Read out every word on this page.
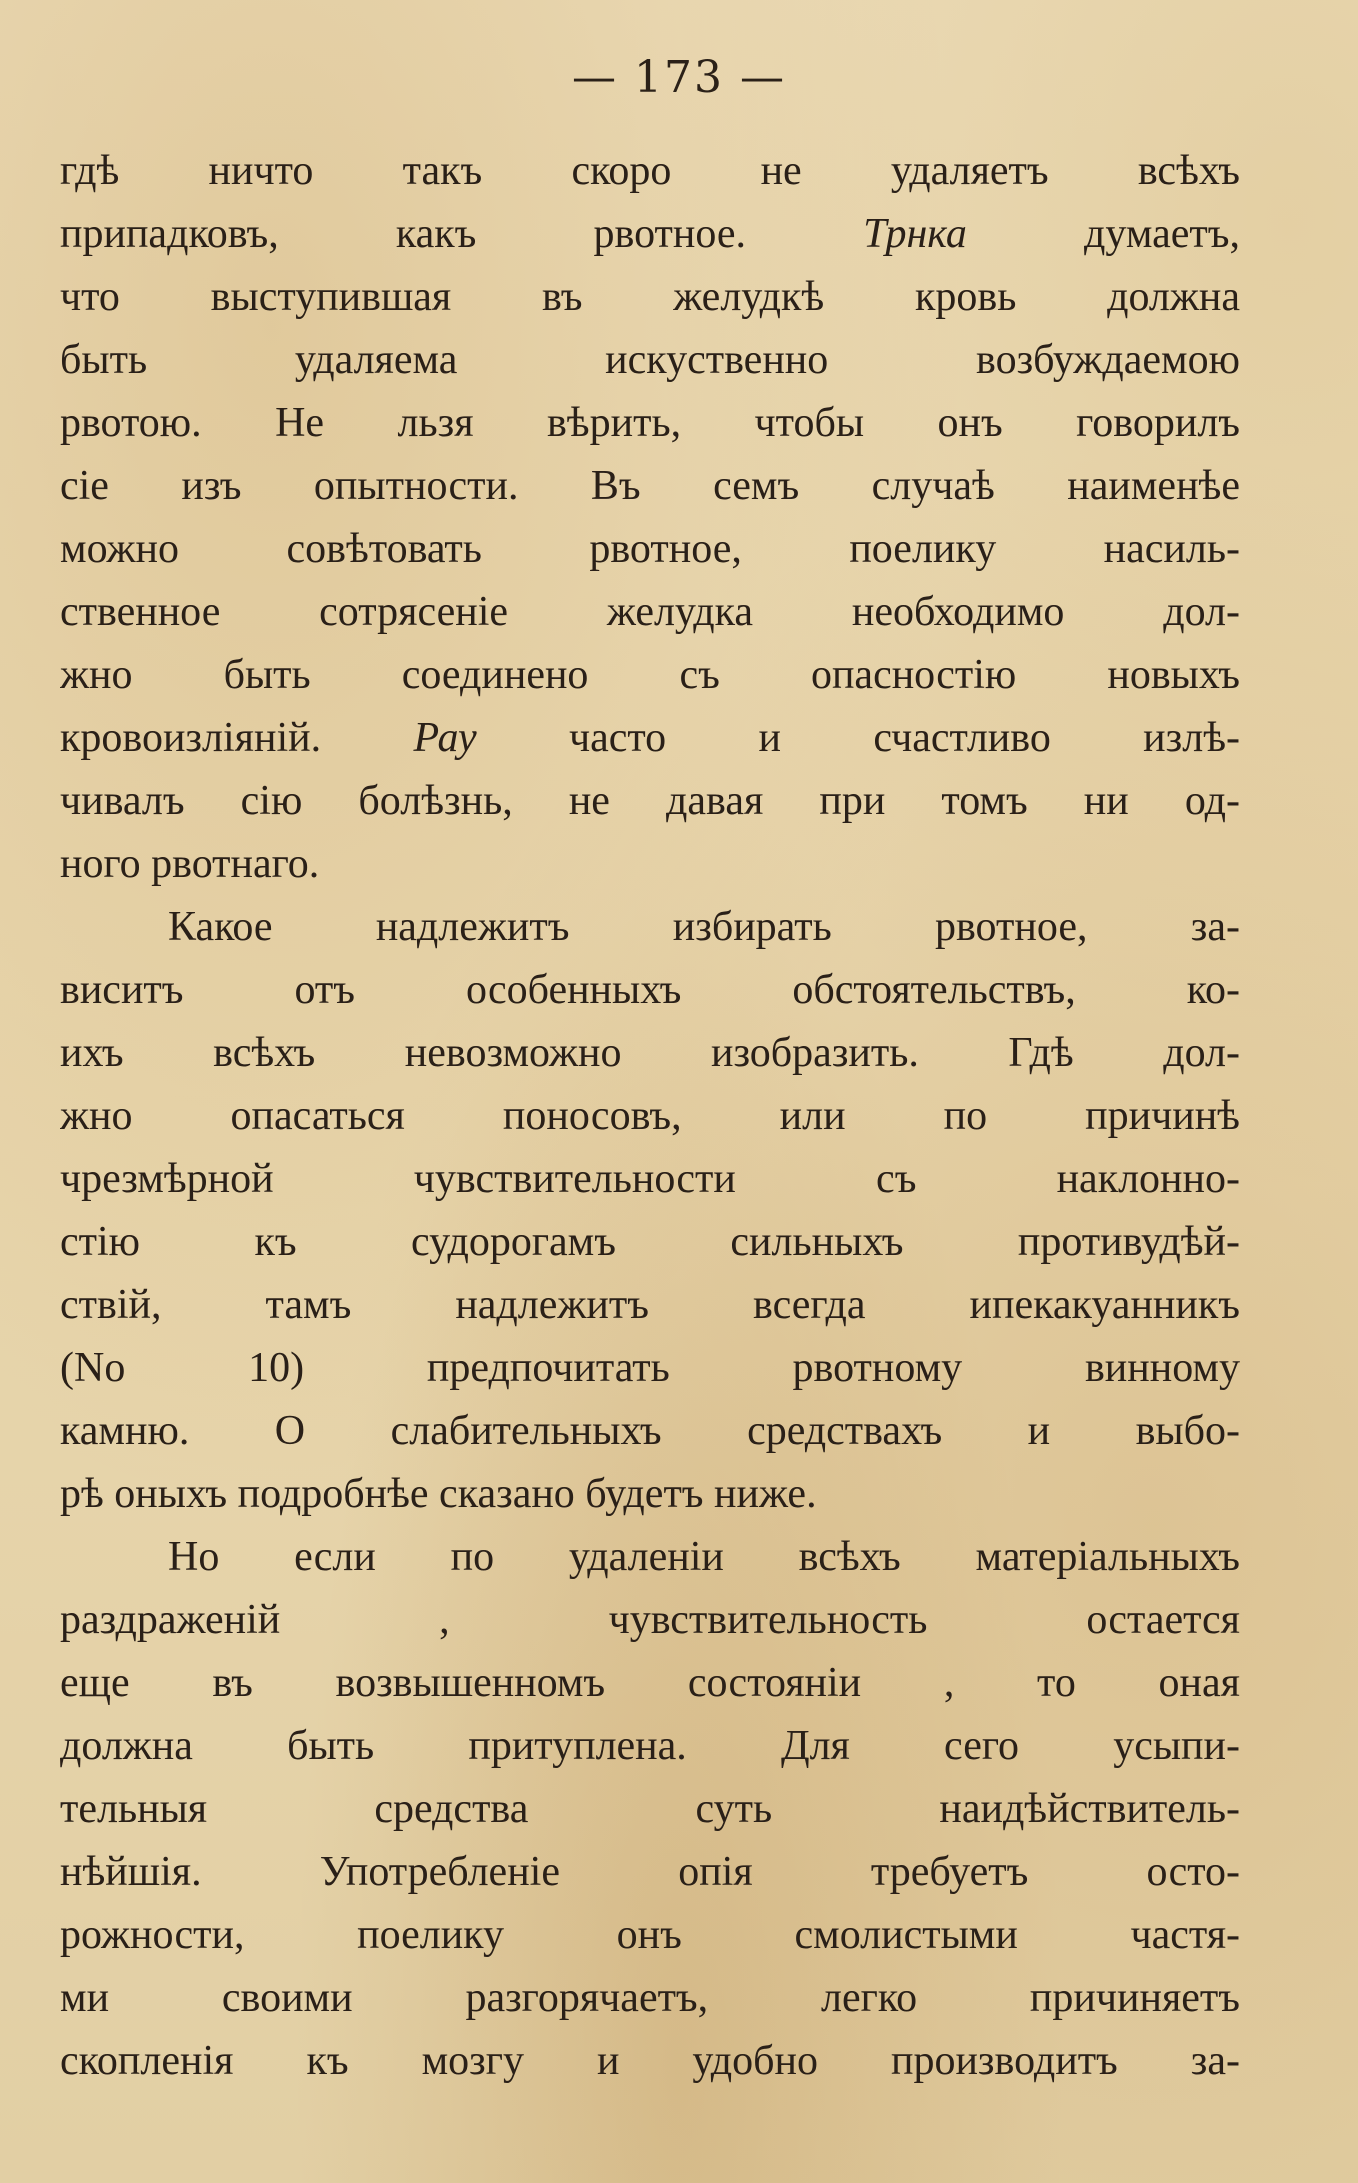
— 173 —
гдѣ ничто такъ скоро не удаляетъ всѣхъ
припадковъ, какъ рвотное. Трнка думаетъ,
что выступившая въ желудкѣ кровь должна
быть удаляема искуственно возбуждаемою
рвотою. Не льзя вѣрить, чтобы онъ говорилъ
сіе изъ опытности. Въ семъ случаѣ наименѣе
можно совѣтовать рвотное, поелику насиль-
ственное сотрясеніе желудка необходимо дол-
жно быть соединено съ опасностію новыхъ
кровоизліяній. Рау часто и счастливо излѣ-
чивалъ сію болѣзнь, не давая при томъ ни од-
ного рвотнаго.
Какое надлежитъ избирать рвотное, за-
виситъ отъ особенныхъ обстоятельствъ, ко-
ихъ всѣхъ невозможно изобразить. Гдѣ дол-
жно опасаться поносовъ, или по причинѣ
чрезмѣрной чувствительности съ наклонно-
стію къ судорогамъ сильныхъ противудѣй-
ствій, тамъ надлежитъ всегда ипекакуанникъ
(No 10) предпочитать рвотному винному
камню. О слабительныхъ средствахъ и выбо-
рѣ оныхъ подробнѣе сказано будетъ ниже.
Но если по удаленіи всѣхъ матеріальныхъ
раздраженій , чувствительность остается
еще въ возвышенномъ состояніи , то оная
должна быть притуплена. Для сего усыпи-
тельныя средства суть наидѣйствитель-
нѣйшія. Употребленіе опія требуетъ осто-
рожности, поелику онъ смолистыми частя-
ми своими разгорячаетъ, легко причиняетъ
скопленія къ мозгу и удобно производитъ за-
